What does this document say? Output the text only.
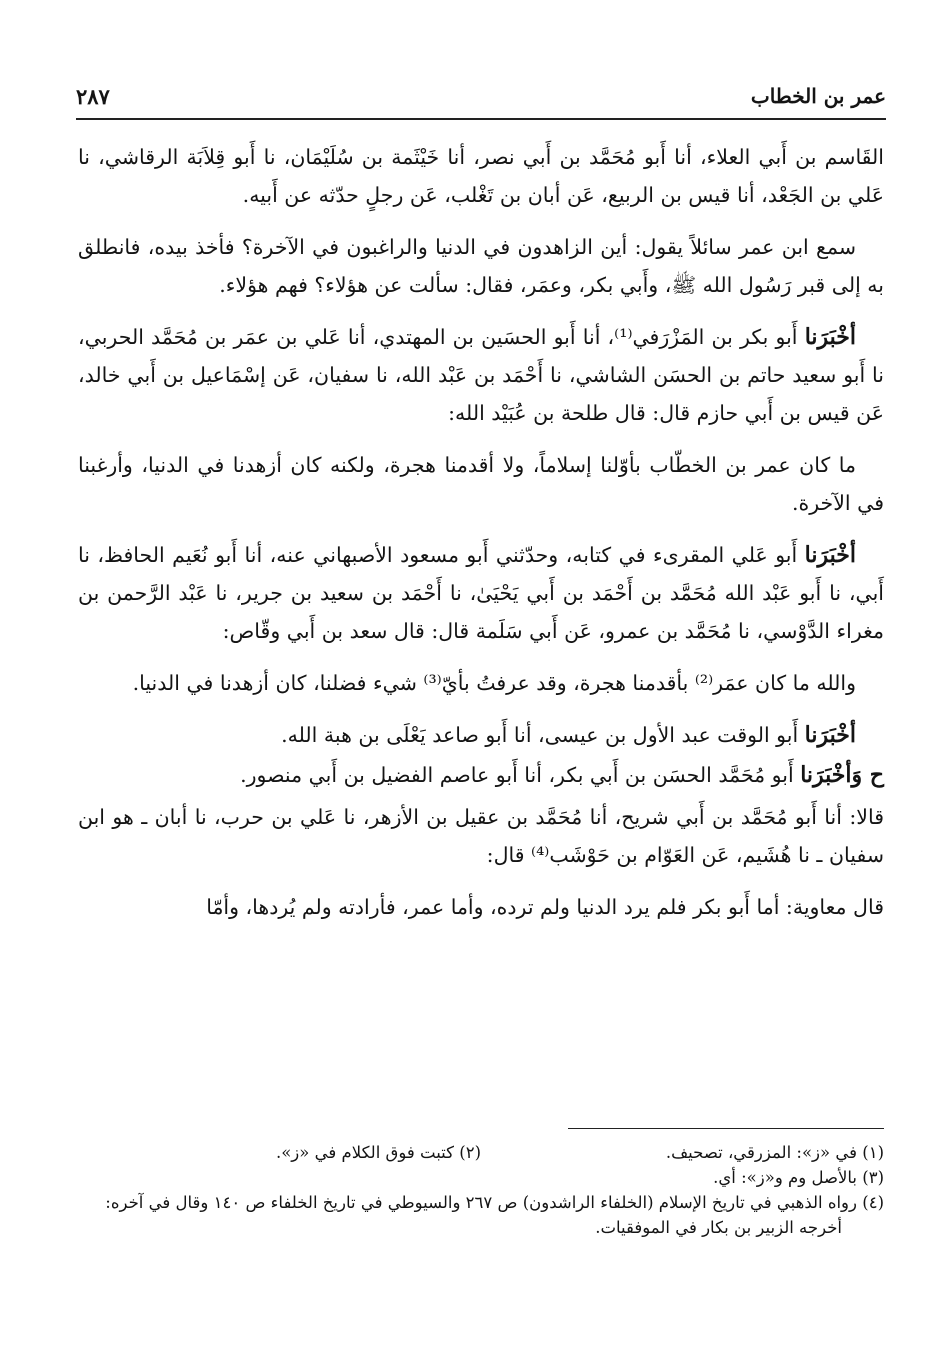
عمر بن الخطاب
٢٨٧

القَاسم بن أَبي العلاء، أنا أَبو مُحَمَّد بن أَبي نصر، أنا خَيْثَمة بن سُلَيْمَان، نا أَبو قِلاَبَة الرقاشي، نا عَلي بن الجَعْد، أنا قيس بن الربيع، عَن أبان بن تَغْلب، عَن رجلٍ حدّثه عن أَبيه.

سمع ابن عمر سائلاً يقول: أين الزاهدون في الدنيا والراغبون في الآخرة؟ فأخذ بيده، فانطلق به إلى قبر رَسُول الله ﷺ، وأَبي بكر، وعمَر، فقال: سألت عن هؤلاء؟ فهم هؤلاء.

أخْبَرَنا أَبو بكر بن المَزْرَفي⁽¹⁾، أنا أَبو الحسَين بن المهتدي، أنا عَلي بن عمَر بن مُحَمَّد الحربي، نا أَبو سعيد حاتم بن الحسَن الشاشي، نا أَحْمَد بن عَبْد الله، نا سفيان، عَن إسْمَاعيل بن أَبي خالد، عَن قيس بن أَبي حازم قال: قال طلحة بن عُبَيْد الله:

ما كان عمر بن الخطّاب بأوّلنا إسلاماً، ولا أقدمنا هجرة، ولكنه كان أزهدنا في الدنيا، وأرغبنا في الآخرة.

أخْبَرَنا أَبو عَلي المقرىء في كتابه، وحدّثني أَبو مسعود الأصبهاني عنه، أنا أَبو نُعَيم الحافظ، نا أَبي، نا أَبو عَبْد الله مُحَمَّد بن أَحْمَد بن أَبي يَحْيَىٰ، نا أَحْمَد بن سعيد بن جرير، نا عَبْد الرَّحمن بن مغراء الدَّوْسي، نا مُحَمَّد بن عمرو، عَن أَبي سَلَمة قال: قال سعد بن أَبي وقّاص:

والله ما كان عمَر⁽²⁾ بأقدمنا هجرة، وقد عرفتُ بأيّ⁽³⁾ شيء فضلنا، كان أزهدنا في الدنيا.

أخْبَرَنا أَبو الوقت عبد الأول بن عيسى، أنا أَبو صاعد يَعْلَى بن هبة الله.

ح وَأخْبَرَنا أَبو مُحَمَّد الحسَن بن أَبي بكر، أنا أَبو عاصم الفضيل بن أَبي منصور.

قالا: أنا أَبو مُحَمَّد بن أَبي شريح، أنا مُحَمَّد بن عقيل بن الأزهر، نا عَلي بن حرب، نا أبان ـ هو ابن سفيان ـ نا هُشَيم، عَن العَوّام بن حَوْشَب⁽⁴⁾ قال:

قال معاوية: أما أَبو بكر فلم يرد الدنيا ولم ترده، وأما عمر، فأرادته ولم يُردها، وأمّا

(١) في «ز»: المزرقي، تصحيف.
(٢) كتبت فوق الكلام في «ز».
(٣) بالأصل وم و«ز»: أي.
(٤) رواه الذهبي في تاريخ الإسلام (الخلفاء الراشدون) ص ٢٦٧ والسيوطي في تاريخ الخلفاء ص ١٤٠ وقال في آخره: أخرجه الزبير بن بكار في الموفقيات.
